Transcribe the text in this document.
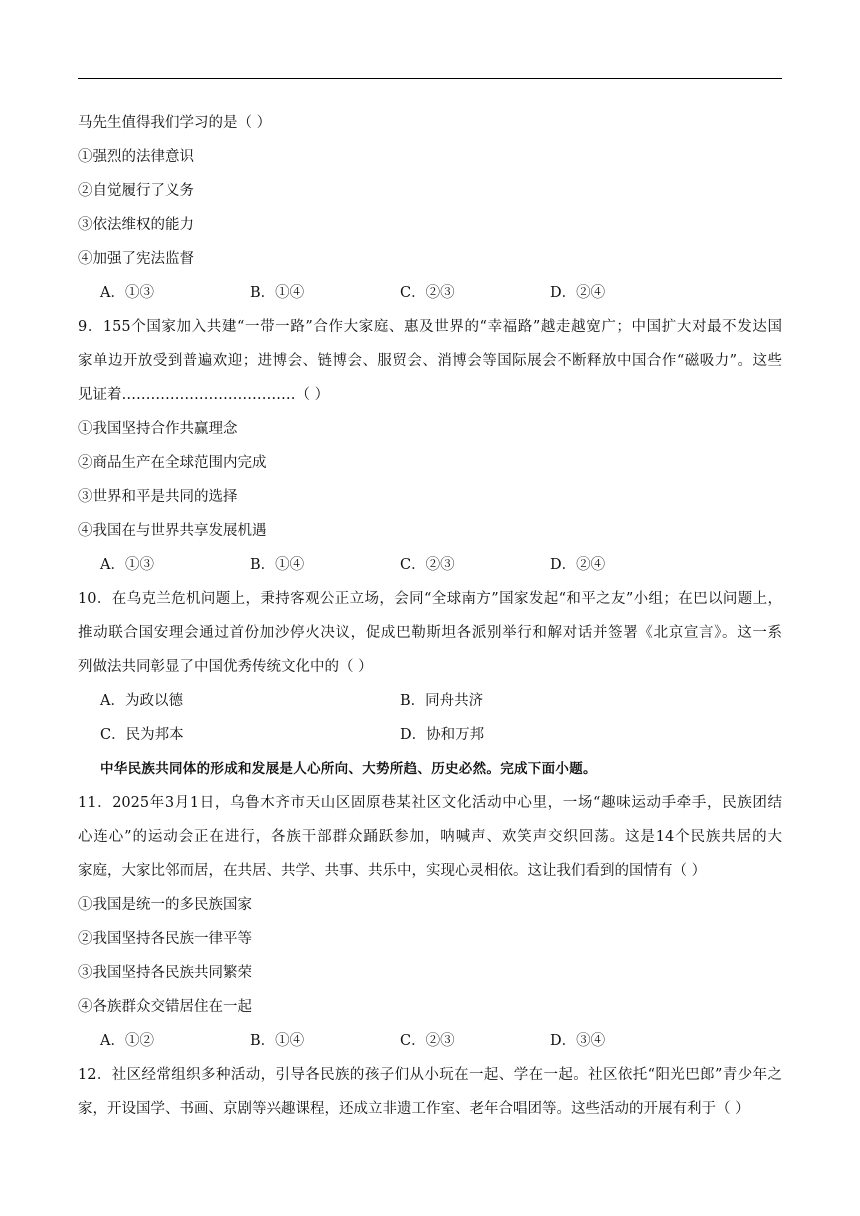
马先生值得我们学习的是（ ）
①强烈的法律意识
②自觉履行了义务
③依法维权的能力
④加强了宪法监督
A．①③	B．①④	C．②③	D．②④
9．155个国家加入共建“一带一路”合作大家庭、惠及世界的“幸福路”越走越宽广；中国扩大对最不发达国
家单边开放受到普遍欢迎；进博会、链博会、服贸会、消博会等国际展会不断释放中国合作“磁吸力”。这些
见证着………………………………（ ）
①我国坚持合作共赢理念
②商品生产在全球范围内完成
③世界和平是共同的选择
④我国在与世界共享发展机遇
A．①③	B．①④	C．②③	D．②④
10．在乌克兰危机问题上，秉持客观公正立场，会同“全球南方”国家发起“和平之友”小组；在巴以问题上，
推动联合国安理会通过首份加沙停火决议，促成巴勒斯坦各派别举行和解对话并签署《北京宣言》。这一系
列做法共同彰显了中国优秀传统文化中的（ ）
A．为政以德	B．同舟共济
C．民为邦本	D．协和万邦
中华民族共同体的形成和发展是人心所向、大势所趋、历史必然。完成下面小题。
11．2025年3月1日，乌鲁木齐市天山区固原巷某社区文化活动中心里，一场“趣味运动手牵手，民族团结
心连心”的运动会正在进行，各族干部群众踊跃参加，呐喊声、欢笑声交织回荡。这是14个民族共居的大
家庭，大家比邻而居，在共居、共学、共事、共乐中，实现心灵相依。这让我们看到的国情有（ ）
①我国是统一的多民族国家
②我国坚持各民族一律平等
③我国坚持各民族共同繁荣
④各族群众交错居住在一起
A．①②	B．①④	C．②③	D．③④
12．社区经常组织多种活动，引导各民族的孩子们从小玩在一起、学在一起。社区依托“阳光巴郎”青少年之
家，开设国学、书画、京剧等兴趣课程，还成立非遗工作室、老年合唱团等。这些活动的开展有利于（ ）
